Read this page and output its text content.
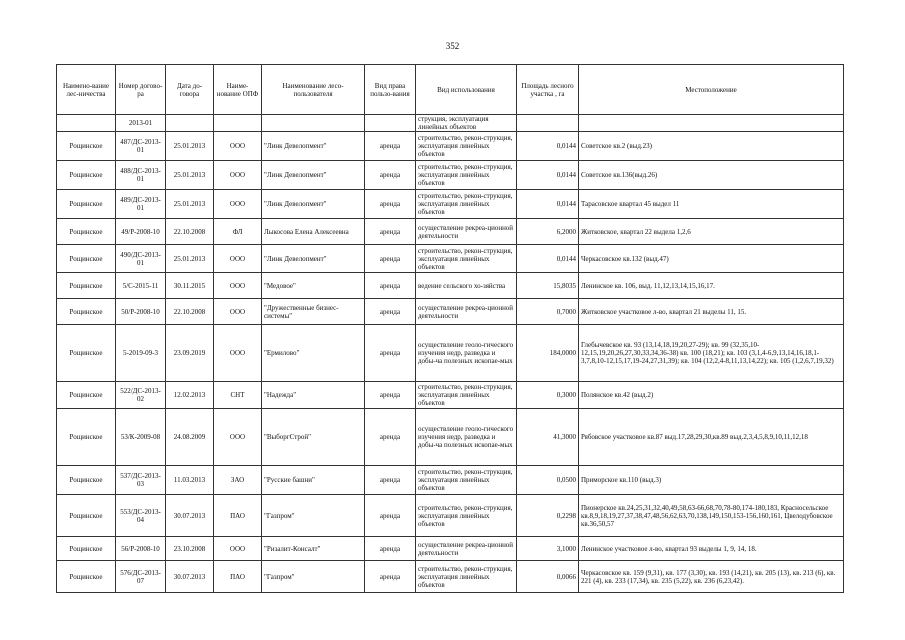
352
Наимено-вание лес-ничества	Номер догово-ра	Дата до-говора	Наиме-нование ОПФ	Наименование лесо-пользователя	Вид права пользо-вания	Вид использования	Площадь лесного участка , га	Местоположение
	2013-01					струкция, эксплуатация линейных объектов		
Рощинское	487/ДС-2013-01	25.01.2013	ООО	"Линк Девелопмент"	аренда	строительство, рекон-струкция, эксплуатация линейных объектов	0,0144	Советское кв.2 (выд.23)
Рощинское	488/ДС-2013-01	25.01.2013	ООО	"Линк Девелопмент"	аренда	строительство, рекон-струкция, эксплуатация линейных объектов	0,0144	Советское кв.136(выд.26)
Рощинское	489/ДС-2013-01	25.01.2013	ООО	"Линк Девелопмент"	аренда	строительство, рекон-струкция, эксплуатация линейных объектов	0,0144	Тарасовское квартал 45 выдел 11
Рощинское	49/Р-2008-10	22.10.2008	ФЛ	Лыкосова Елена Алексеевна	аренда	осуществление рекреа-ционной деятельности	6,2000	Житковское, квартал 22 выдела 1,2,6
Рощинское	490/ДС-2013-01	25.01.2013	ООО	"Линк Девелопмент"	аренда	строительство, рекон-струкция, эксплуатация линейных объектов	0,0144	Черкасовское кв.132 (выд.47)
Рощинское	5/С-2015-11	30.11.2015	ООО	"Медовое"	аренда	ведение сельского хо-зяйства	15,8035	Ленинское кв. 106, выд. 11,12,13,14,15,16,17.
Рощинское	50/Р-2008-10	22.10.2008	ООО	"Дружественные бизнес-системы"	аренда	осуществление рекреа-ционной деятельности	0,7000	Житковское участковое л-во, квартал 21 выделы 11, 15.
Рощинское	5-2019-09-3	23.09.2019	ООО	"Ермилово"	аренда	осуществление геоло-гического изучения недр, разведка и добы-ча полезных ископае-мых	184,0000	Глебычевское кв. 93 (13,14,18,19,20,27-29); кв. 99 (32,35,10-12,15,19,20,26,27,30,33,34,36-38) кв. 100 (18,21); кв. 103 (3,1,4-6,9,13,14,16,18,1-3,7,8,10-12,15,17,19-24,27,31,39); кв. 104 (12,2,4-8,11,13,14,22); кв. 105 (1,2,6,7,19,32)
Рощинское	522/ДС-2013-02	12.02.2013	СНТ	"Надежда"	аренда	строительство, рекон-струкция, эксплуатация линейных объектов	0,3000	Полянское кв.42 (выд.2)
Рощинское	53/К-2009-08	24.08.2009	ООО	"ВыборгСтрой"	аренда	осуществление геоло-гического изучения недр, разведка и добы-ча полезных ископае-мых	41,3000	Рябовское участковое кв.87 выд.17,28,29,30,кв.89 выд.2,3,4,5,8,9,10,11,12,18
Рощинское	537/ДС-2013-03	11.03.2013	ЗАО	"Русские башни"	аренда	строительство, рекон-струкция, эксплуатация линейных объектов	0,0500	Приморское кв.110 (выд.3)
Рощинское	553/ДС-2013-04	30.07.2013	ПАО	"Газпром"	аренда	строительство, рекон-струкция, эксплуатация линейных объектов	0,2298	Пионерское кв.24,25,31,32,40,49,58,63-66,68,70,78-80,174-180,183, Красносельское кв.8,9,18,19,27,37,38,47,48,56,62,63,70,138,149,150,153-156,160,161, Цвелодубовское кв.36,50,57
Рощинское	56/Р-2008-10	23.10.2008	ООО	"Ризалит-Консалт"	аренда	осуществление рекреа-ционной деятельности	3,1000	Ленинское участковое л-во, квартал 93 выделы 1, 9, 14, 18.
Рощинское	576/ДС-2013-07	30.07.2013	ПАО	"Газпром"	аренда	строительство, рекон-струкция, эксплуатация линейных объектов	0,0066	Черкасовское кв. 159 (9,31), кв. 177 (3,30), кв. 193 (14,21), кв. 205 (13), кв. 213 (6), кв. 221 (4), кв. 233 (17,34), кв. 235 (5,22), кв. 236 (6,23,42).
